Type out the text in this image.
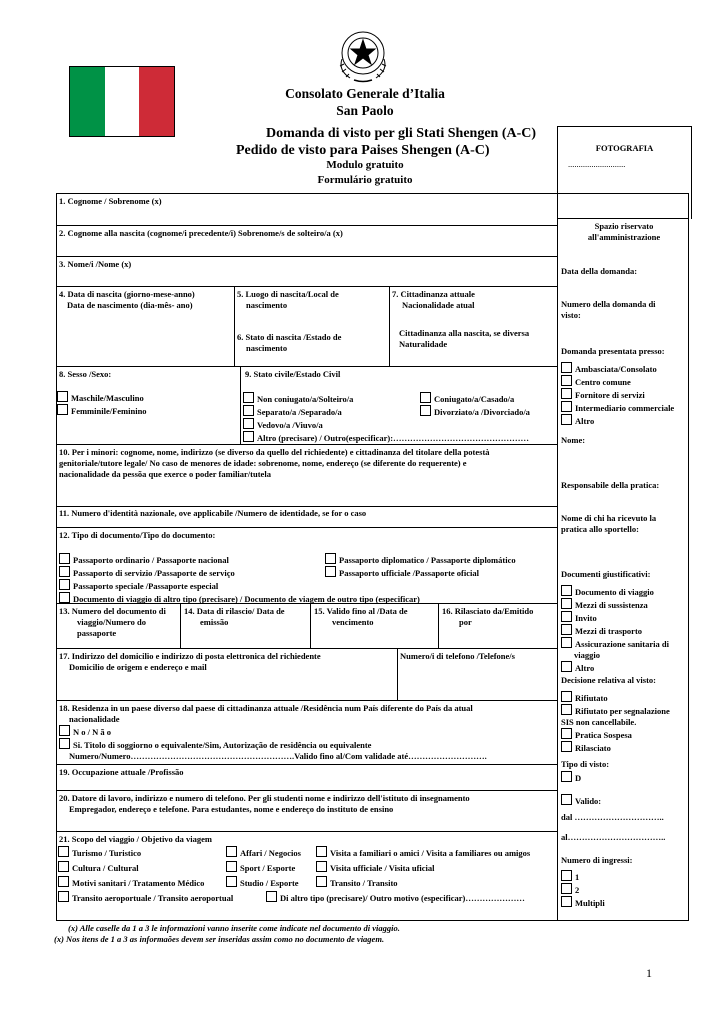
Consolato Generale d’Italia
San Paolo
Domanda di visto per gli Stati Shengen (A-C)
Pedido de visto para Paises Shengen (A-C)
Modulo gratuito
Formulário gratuito
FOTOGRAFIA
...........................
1. Cognome / Sobrenome (x)
2. Cognome alla nascita (cognome/i precedente/i) Sobrenome/s de solteiro/a (x)
3. Nome/i /Nome (x)
4. Data di nascita (giorno-mese-anno)
Data de nascimento (dia-mês- ano)
5. Luogo di nascita/Local de
nascimento
6. Stato di nascita /Estado de
nascimento
7. Cittadinanza attuale
Nacionalidade atual
Cittadinanza alla nascita, se diversa
Naturalidade
8. Sesso /Sexo:
Maschile/Masculino
Femminile/Feminino
9. Stato civile/Estado Civil
Non coniugato/a/Solteiro/a
Separato/a /Separado/a
Vedovo/a /Viuvo/a
Altro (precisare) / Outro(especificar):…………………………………………
Coniugato/a/Casado/a
Divorziato/a /Divorciado/a
10. Per i minori: cognome, nome, indirizzo (se diverso da quello del richiedente) e cittadinanza del titolare della potestà
genitoriale/tutore legale/ No caso de menores de idade: sobrenome, nome, endereço (se diferente do requerente) e
nacionalidade da pessõa que exerce o poder familiar/tutela
11. Numero d'identità nazionale, ove applicabile /Numero de identidade, se for o caso
12. Tipo di documento/Tipo do documento:
Passaporto ordinario / Passaporte nacional
Passaporto di servizio /Passaporte de serviço
Passaporto speciale /Passaporte especial
Documento di viaggio di altro tipo (precisare) / Documento de viagem de outro tipo (especificar)
Passaporto diplomatico / Passaporte diplomático
Passaporto ufficiale /Passaporte oficial
13. Numero del documento di
viaggio/Numero do
passaporte
14. Data di rilascio/ Data de
emissão
15. Valido fino al /Data de
vencimento
16. Rilasciato da/Emitido
por
17. Indirizzo del domicilio e indirizzo di posta elettronica del richiedente
Domicilio de origem e endereço e mail
Numero/i di telefono /Telefone/s
18. Residenza in un paese diverso dal paese di cittadinanza attuale /Residência num País diferente do País da atual
nacionalidade
N o / N ã o
Si. Titolo di soggiorno o equivalente/Sim, Autorização de residência ou equivalente
Numero/Numero………………………………………………….Valido fino al/Com validade até……………………….
19. Occupazione attuale /Profissão
20. Datore di lavoro, indirizzo e numero di telefono. Per gli studenti nome e indirizzo dell'istituto di insegnamento
Empregador, endereço e telefone. Para estudantes, nome e endereço do instituto de ensino
21. Scopo del viaggio / Objetivo da viagem
Turismo / Turistico	Affari / Negocios	Visita a familiari o amici / Visita a familiares ou amigos
Cultura / Cultural	Sport / Esporte	Visita ufficiale / Visita uficial
Motivi sanitari / Tratamento Médico	Studio / Esporte	Transito / Transito
Transito aeroportuale / Transito aeroportual	Di altro tipo (precisare)/ Outro motivo (especificar)…………………
Spazio riservato
all'amministrazione
Data della domanda:
Numero della domanda di
visto:
Domanda presentata presso:
Ambasciata/Consolato
Centro comune
Fornitore di servizi
Intermediario commerciale
Altro
Nome:
Responsabile della pratica:
Nome di chi ha ricevuto la
pratica allo sportello:
Documenti giustificativi:
Documento di viaggio
Mezzi di sussistenza
Invito
Mezzi di trasporto
Assicurazione sanitaria di
viaggio
Altro
Decisione relativa al visto:
Rifiutato
Rifiutato per segnalazione
SIS non cancellabile.
Pratica Sospesa
Rilasciato
Tipo di visto:
D
Valido:
dal …………………………..
al……………………………..
Numero di ingressi:
1
2
Multipli
(x) Alle caselle da 1 a 3 le informazioni vanno inserite come indicate nel documento di viaggio.
(x) Nos itens de 1 a 3 as informaões devem ser inseridas assim como no documento de viagem.
1
